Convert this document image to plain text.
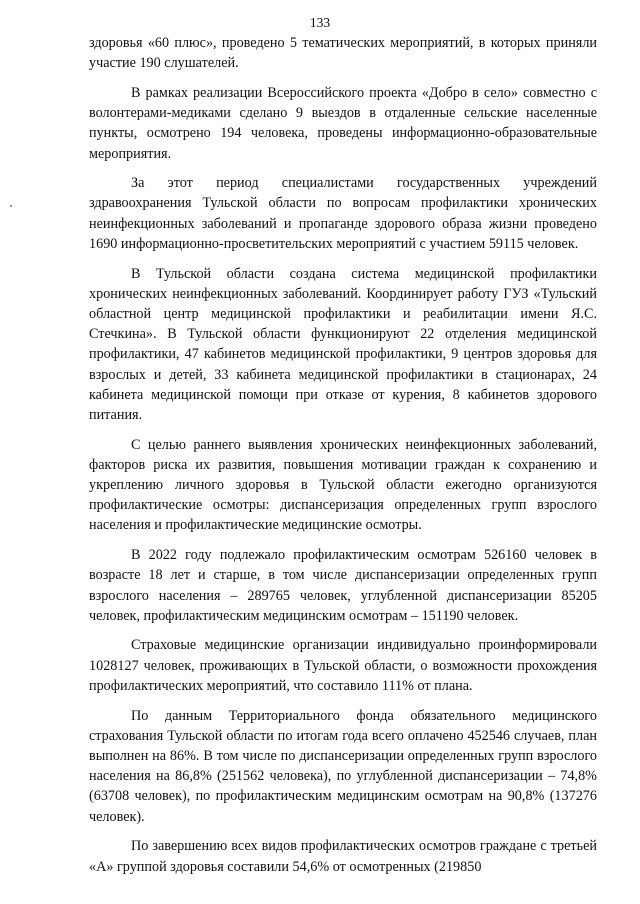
133

здоровья «60 плюс», проведено 5 тематических мероприятий, в которых приняли участие 190 слушателей.

В рамках реализации Всероссийского проекта «Добро в село» совместно с волонтерами-медиками сделано 9 выездов в отдаленные сельские населенные пункты, осмотрено 194 человека, проведены информационно-образовательные мероприятия.

За этот период специалистами государственных учреждений здравоохранения Тульской области по вопросам профилактики хронических неинфекционных заболеваний и пропаганде здорового образа жизни проведено 1690 информационно-просветительских мероприятий с участием 59115 человек.

В Тульской области создана система медицинской профилактики хронических неинфекционных заболеваний. Координирует работу ГУЗ «Тульский областной центр медицинской профилактики и реабилитации имени Я.С. Стечкина». В Тульской области функционируют 22 отделения медицинской профилактики, 47 кабинетов медицинской профилактики, 9 центров здоровья для взрослых и детей, 33 кабинета медицинской профилактики в стационарах, 24 кабинета медицинской помощи при отказе от курения, 8 кабинетов здорового питания.

С целью раннего выявления хронических неинфекционных заболеваний, факторов риска их развития, повышения мотивации граждан к сохранению и укреплению личного здоровья в Тульской области ежегодно организуются профилактические осмотры: диспансеризация определенных групп взрослого населения и профилактические медицинские осмотры.

В 2022 году подлежало профилактическим осмотрам 526160 человек в возрасте 18 лет и старше, в том числе диспансеризации определенных групп взрослого населения – 289765 человек, углубленной диспансеризации 85205 человек, профилактическим медицинским осмотрам – 151190 человек.

Страховые медицинские организации индивидуально проинформировали 1028127 человек, проживающих в Тульской области, о возможности прохождения профилактических мероприятий, что составило 111% от плана.

По данным Территориального фонда обязательного медицинского страхования Тульской области по итогам года всего оплачено 452546 случаев, план выполнен на 86%. В том числе по диспансеризации определенных групп взрослого населения на 86,8% (251562 человека), по углубленной диспансеризации – 74,8% (63708 человек), по профилактическим медицинским осмотрам на 90,8% (137276 человек).

По завершению всех видов профилактических осмотров граждане с третьей «А» группой здоровья составили 54,6% от осмотренных (219850
